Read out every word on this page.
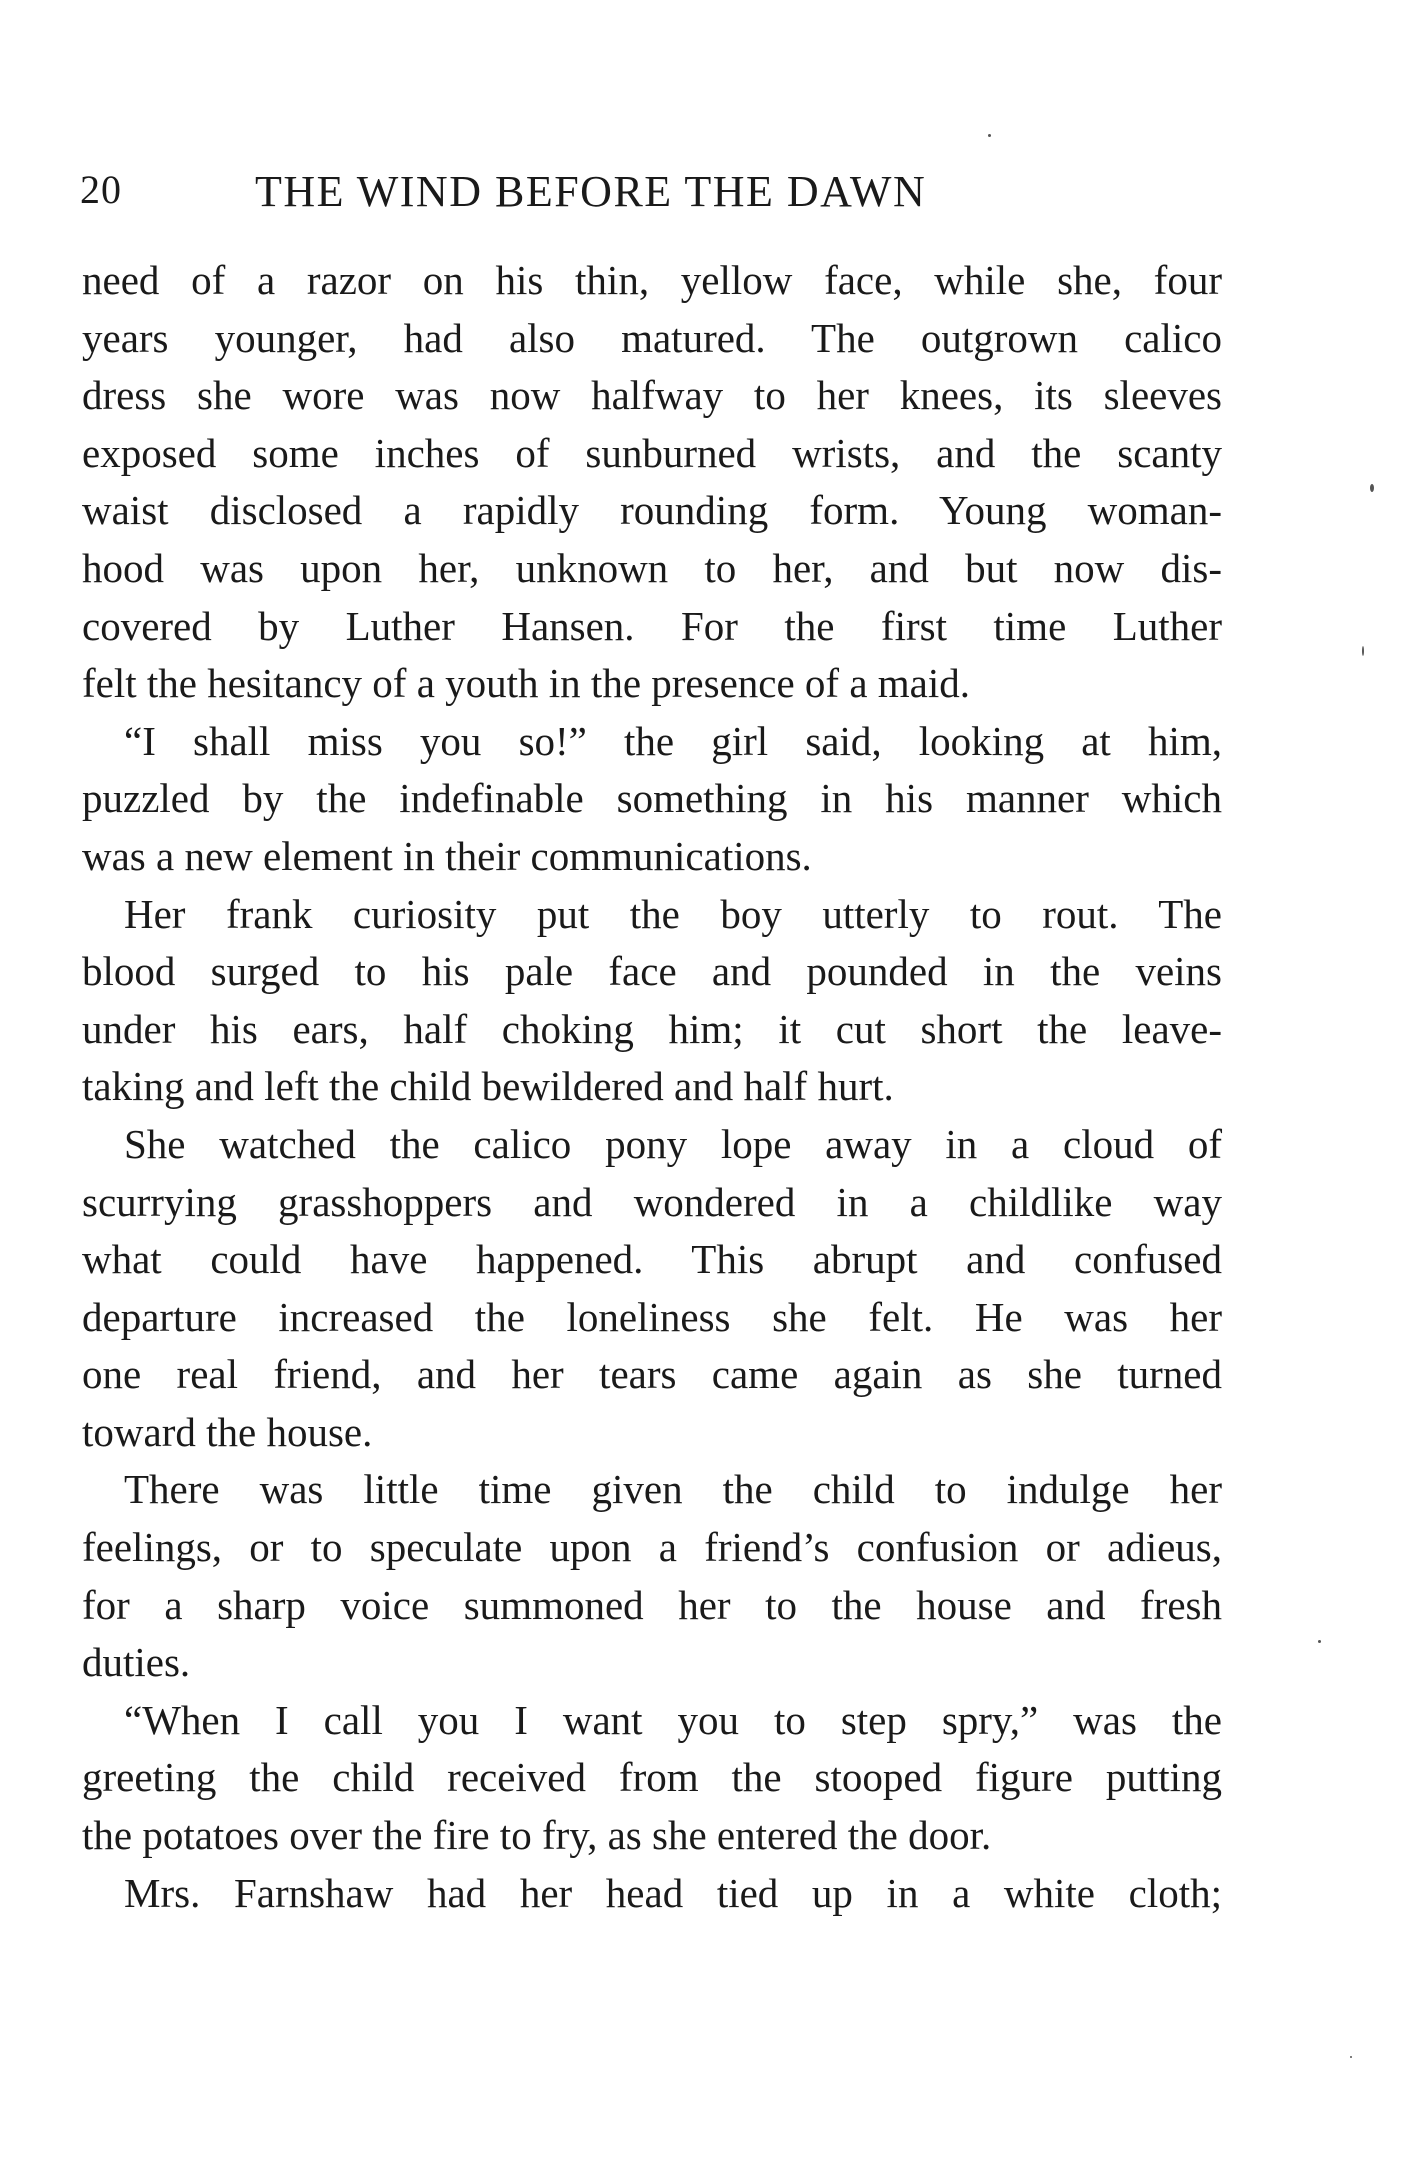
20	THE WIND BEFORE THE DAWN
need of a razor on his thin, yellow face, while she, four
years younger, had also matured. The outgrown calico
dress she wore was now halfway to her knees, its sleeves
exposed some inches of sunburned wrists, and the scanty
waist disclosed a rapidly rounding form. Young woman-
hood was upon her, unknown to her, and but now dis-
covered by Luther Hansen. For the first time Luther
felt the hesitancy of a youth in the presence of a maid.
“I shall miss you so!” the girl said, looking at him,
puzzled by the indefinable something in his manner which
was a new element in their communications.
Her frank curiosity put the boy utterly to rout. The
blood surged to his pale face and pounded in the veins
under his ears, half choking him; it cut short the leave-
taking and left the child bewildered and half hurt.
She watched the calico pony lope away in a cloud of
scurrying grasshoppers and wondered in a childlike way
what could have happened. This abrupt and confused
departure increased the loneliness she felt. He was her
one real friend, and her tears came again as she turned
toward the house.
There was little time given the child to indulge her
feelings, or to speculate upon a friend’s confusion or adieus,
for a sharp voice summoned her to the house and fresh
duties.
“When I call you I want you to step spry,” was the
greeting the child received from the stooped figure putting
the potatoes over the fire to fry, as she entered the door.
Mrs. Farnshaw had her head tied up in a white cloth;
